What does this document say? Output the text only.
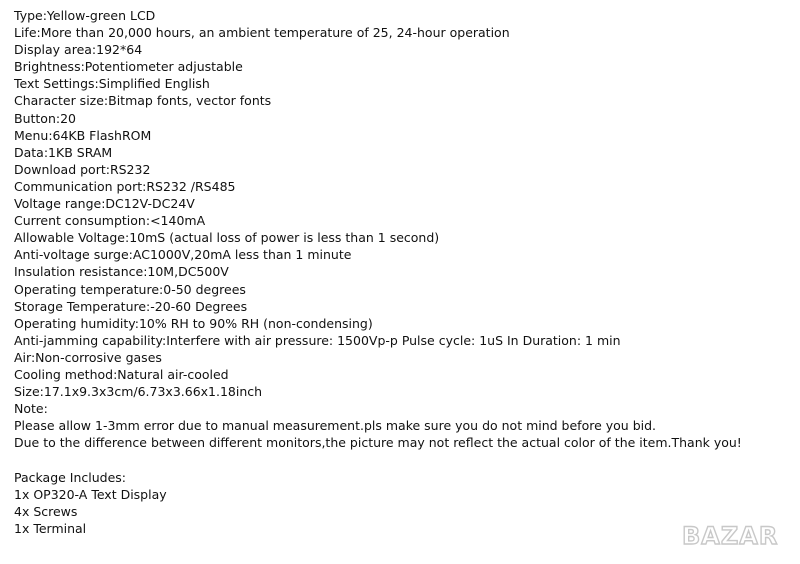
Type:Yellow-green LCD
Life:More than 20,000 hours, an ambient temperature of 25, 24-hour operation
Display area:192*64
Brightness:Potentiometer adjustable
Text Settings:Simplified English
Character size:Bitmap fonts, vector fonts
Button:20
Menu:64KB FlashROM
Data:1KB SRAM
Download port:RS232
Communication port:RS232 /RS485
Voltage range:DC12V-DC24V
Current consumption:<140mA
Allowable Voltage:10mS (actual loss of power is less than 1 second)
Anti-voltage surge:AC1000V,20mA less than 1 minute
Insulation resistance:10M,DC500V
Operating temperature:0-50 degrees
Storage Temperature:-20-60 Degrees
Operating humidity:10% RH to 90% RH (non-condensing)
Anti-jamming capability:Interfere with air pressure: 1500Vp-p Pulse cycle: 1uS In Duration: 1 min
Air:Non-corrosive gases
Cooling method:Natural air-cooled
Size:17.1x9.3x3cm/6.73x3.66x1.18inch
Note:
Please allow 1-3mm error due to manual measurement.pls make sure you do not mind before you bid.
Due to the difference between different monitors,the picture may not reflect the actual color of the item.Thank you!
Package Includes:
1x OP320-A Text Display
4x Screws
1x Terminal	BAZAR
